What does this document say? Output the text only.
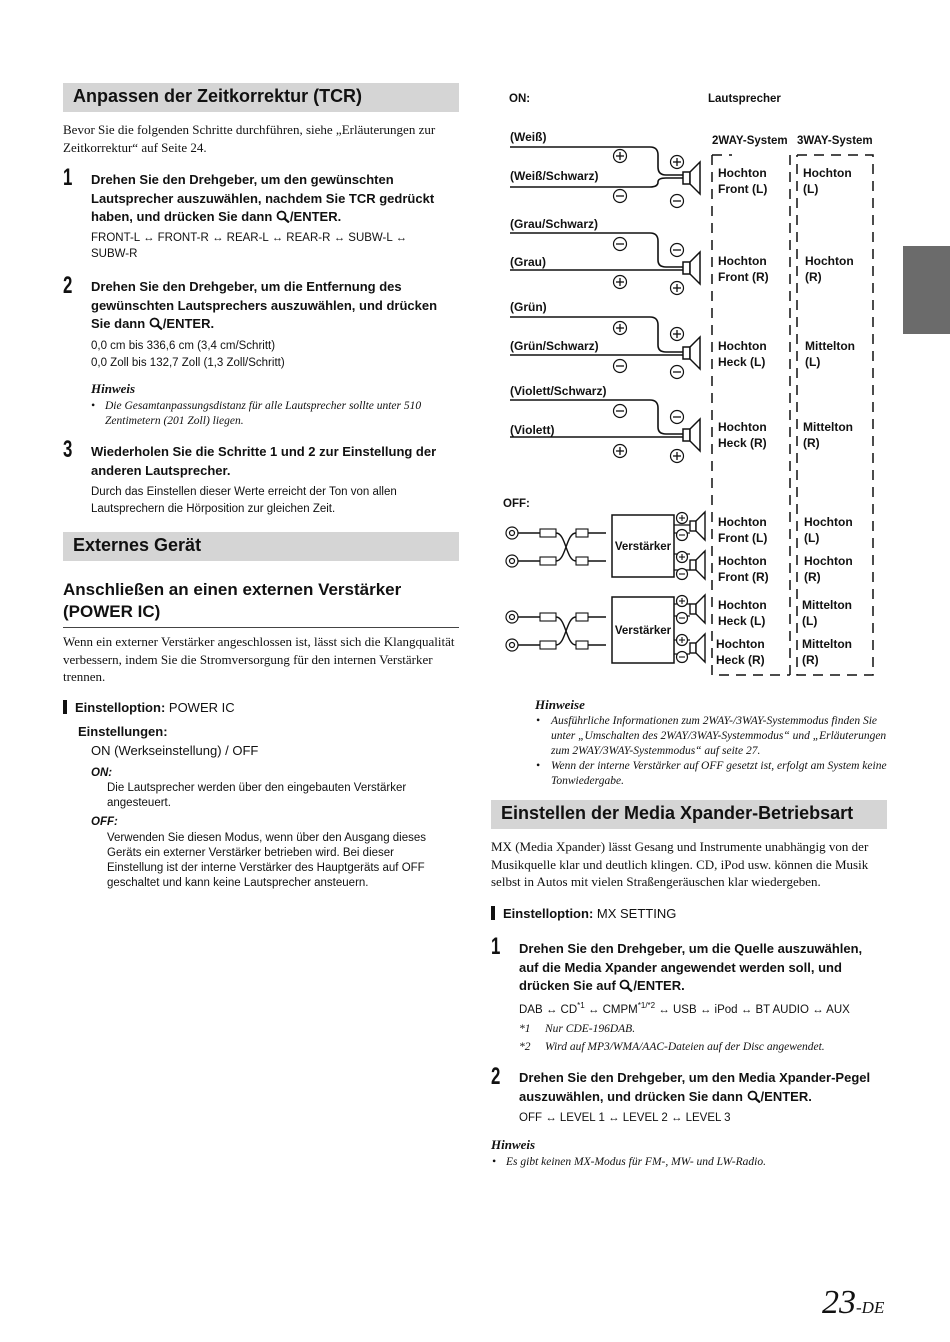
Anpassen der Zeitkorrektur (TCR)
Bevor Sie die folgenden Schritte durchführen, siehe „Erläuterungen zur Zeitkorrektur“ auf Seite 24.
1 Drehen Sie den Drehgeber, um den gewünschten Lautsprecher auszuwählen, nachdem Sie TCR gedrückt haben, und drücken Sie dann /ENTER.
FRONT-L ↔ FRONT-R ↔ REAR-L ↔ REAR-R ↔ SUBW-L ↔ SUBW-R
2 Drehen Sie den Drehgeber, um die Entfernung des gewünschten Lautsprechers auszuwählen, und drücken Sie dann /ENTER.
0,0 cm bis 336,6 cm (3,4 cm/Schritt)
0,0 Zoll bis 132,7 Zoll (1,3 Zoll/Schritt)
Hinweis
• Die Gesamtanpassungsdistanz für alle Lautsprecher sollte unter 510 Zentimetern (201 Zoll) liegen.
3 Wiederholen Sie die Schritte 1 und 2 zur Einstellung der anderen Lautsprecher.
Durch das Einstellen dieser Werte erreicht der Ton von allen Lautsprechern die Hörposition zur gleichen Zeit.
Externes Gerät
Anschließen an einen externen Verstärker (POWER IC)
Wenn ein externer Verstärker angeschlossen ist, lässt sich die Klangqualität verbessern, indem Sie die Stromversorgung für den internen Verstärker trennen.
Einstelloption: POWER IC
Einstellungen:
ON (Werkseinstellung) / OFF
ON:
Die Lautsprecher werden über den eingebauten Verstärker angesteuert.
OFF:
Verwenden Sie diesen Modus, wenn über den Ausgang dieses Geräts ein externer Verstärker betrieben wird. Bei dieser Einstellung ist der interne Verstärker des Hauptgeräts auf OFF geschaltet und kann keine Lautsprecher ansteuern.
ON:	Lautsprecher
2WAY-System 3WAY-System
(Weiß)
(Weiß/Schwarz)
(Grau/Schwarz)
(Grau)
(Grün)
(Grün/Schwarz)
(Violett/Schwarz)
(Violett)
Hochton
Front (L)
Hochton
Front (R)
Hochton
Heck (L)
Hochton
Heck (R)
Hochton
(L)
Hochton
(R)
Mittelton
(L)
Mittelton
(R)
OFF:
Verstärker
Verstärker
Hochton
Front (L)
Hochton
Front (R)
Hochton
Heck (L)
Hochton
Heck (R)
Hochton
(L)
Hochton
(R)
Mittelton
(L)
Mittelton
(R)
Hinweise
• Ausführliche Informationen zum 2WAY-/3WAY-Systemmodus finden Sie unter „Umschalten des 2WAY/3WAY-Systemmodus“ und „Erläuterungen zum 2WAY/3WAY-Systemmodus“ auf seite 27.
• Wenn der interne Verstärker auf OFF gesetzt ist, erfolgt am System keine Tonwiedergabe.
Einstellen der Media Xpander-Betriebsart
MX (Media Xpander) lässt Gesang und Instrumente unabhängig von der Musikquelle klar und deutlich klingen. CD, iPod usw. können die Musik selbst in Autos mit vielen Straßengeräuschen klar wiedergeben.
Einstelloption: MX SETTING
1 Drehen Sie den Drehgeber, um die Quelle auszuwählen, auf die Media Xpander angewendet werden soll, und drücken Sie auf /ENTER.
DAB ↔ CD$^{*1}$ ↔ $CMPM^{*1/*2}$ ↔ USB ↔ iPod ↔ BT AUDIO ↔ AUX
*1 Nur CDE-196DAB.
*2 Wird auf MP3/WMA/AAC-Dateien auf der Disc angewendet.
2 Drehen Sie den Drehgeber, um den Media Xpander-Pegel auszuwählen, und drücken Sie dann /ENTER.
OFF ↔ LEVEL 1 ↔ LEVEL 2 ↔ LEVEL 3
Hinweis
• Es gibt keinen MX-Modus für FM-, MW- und LW-Radio.
23-DE
